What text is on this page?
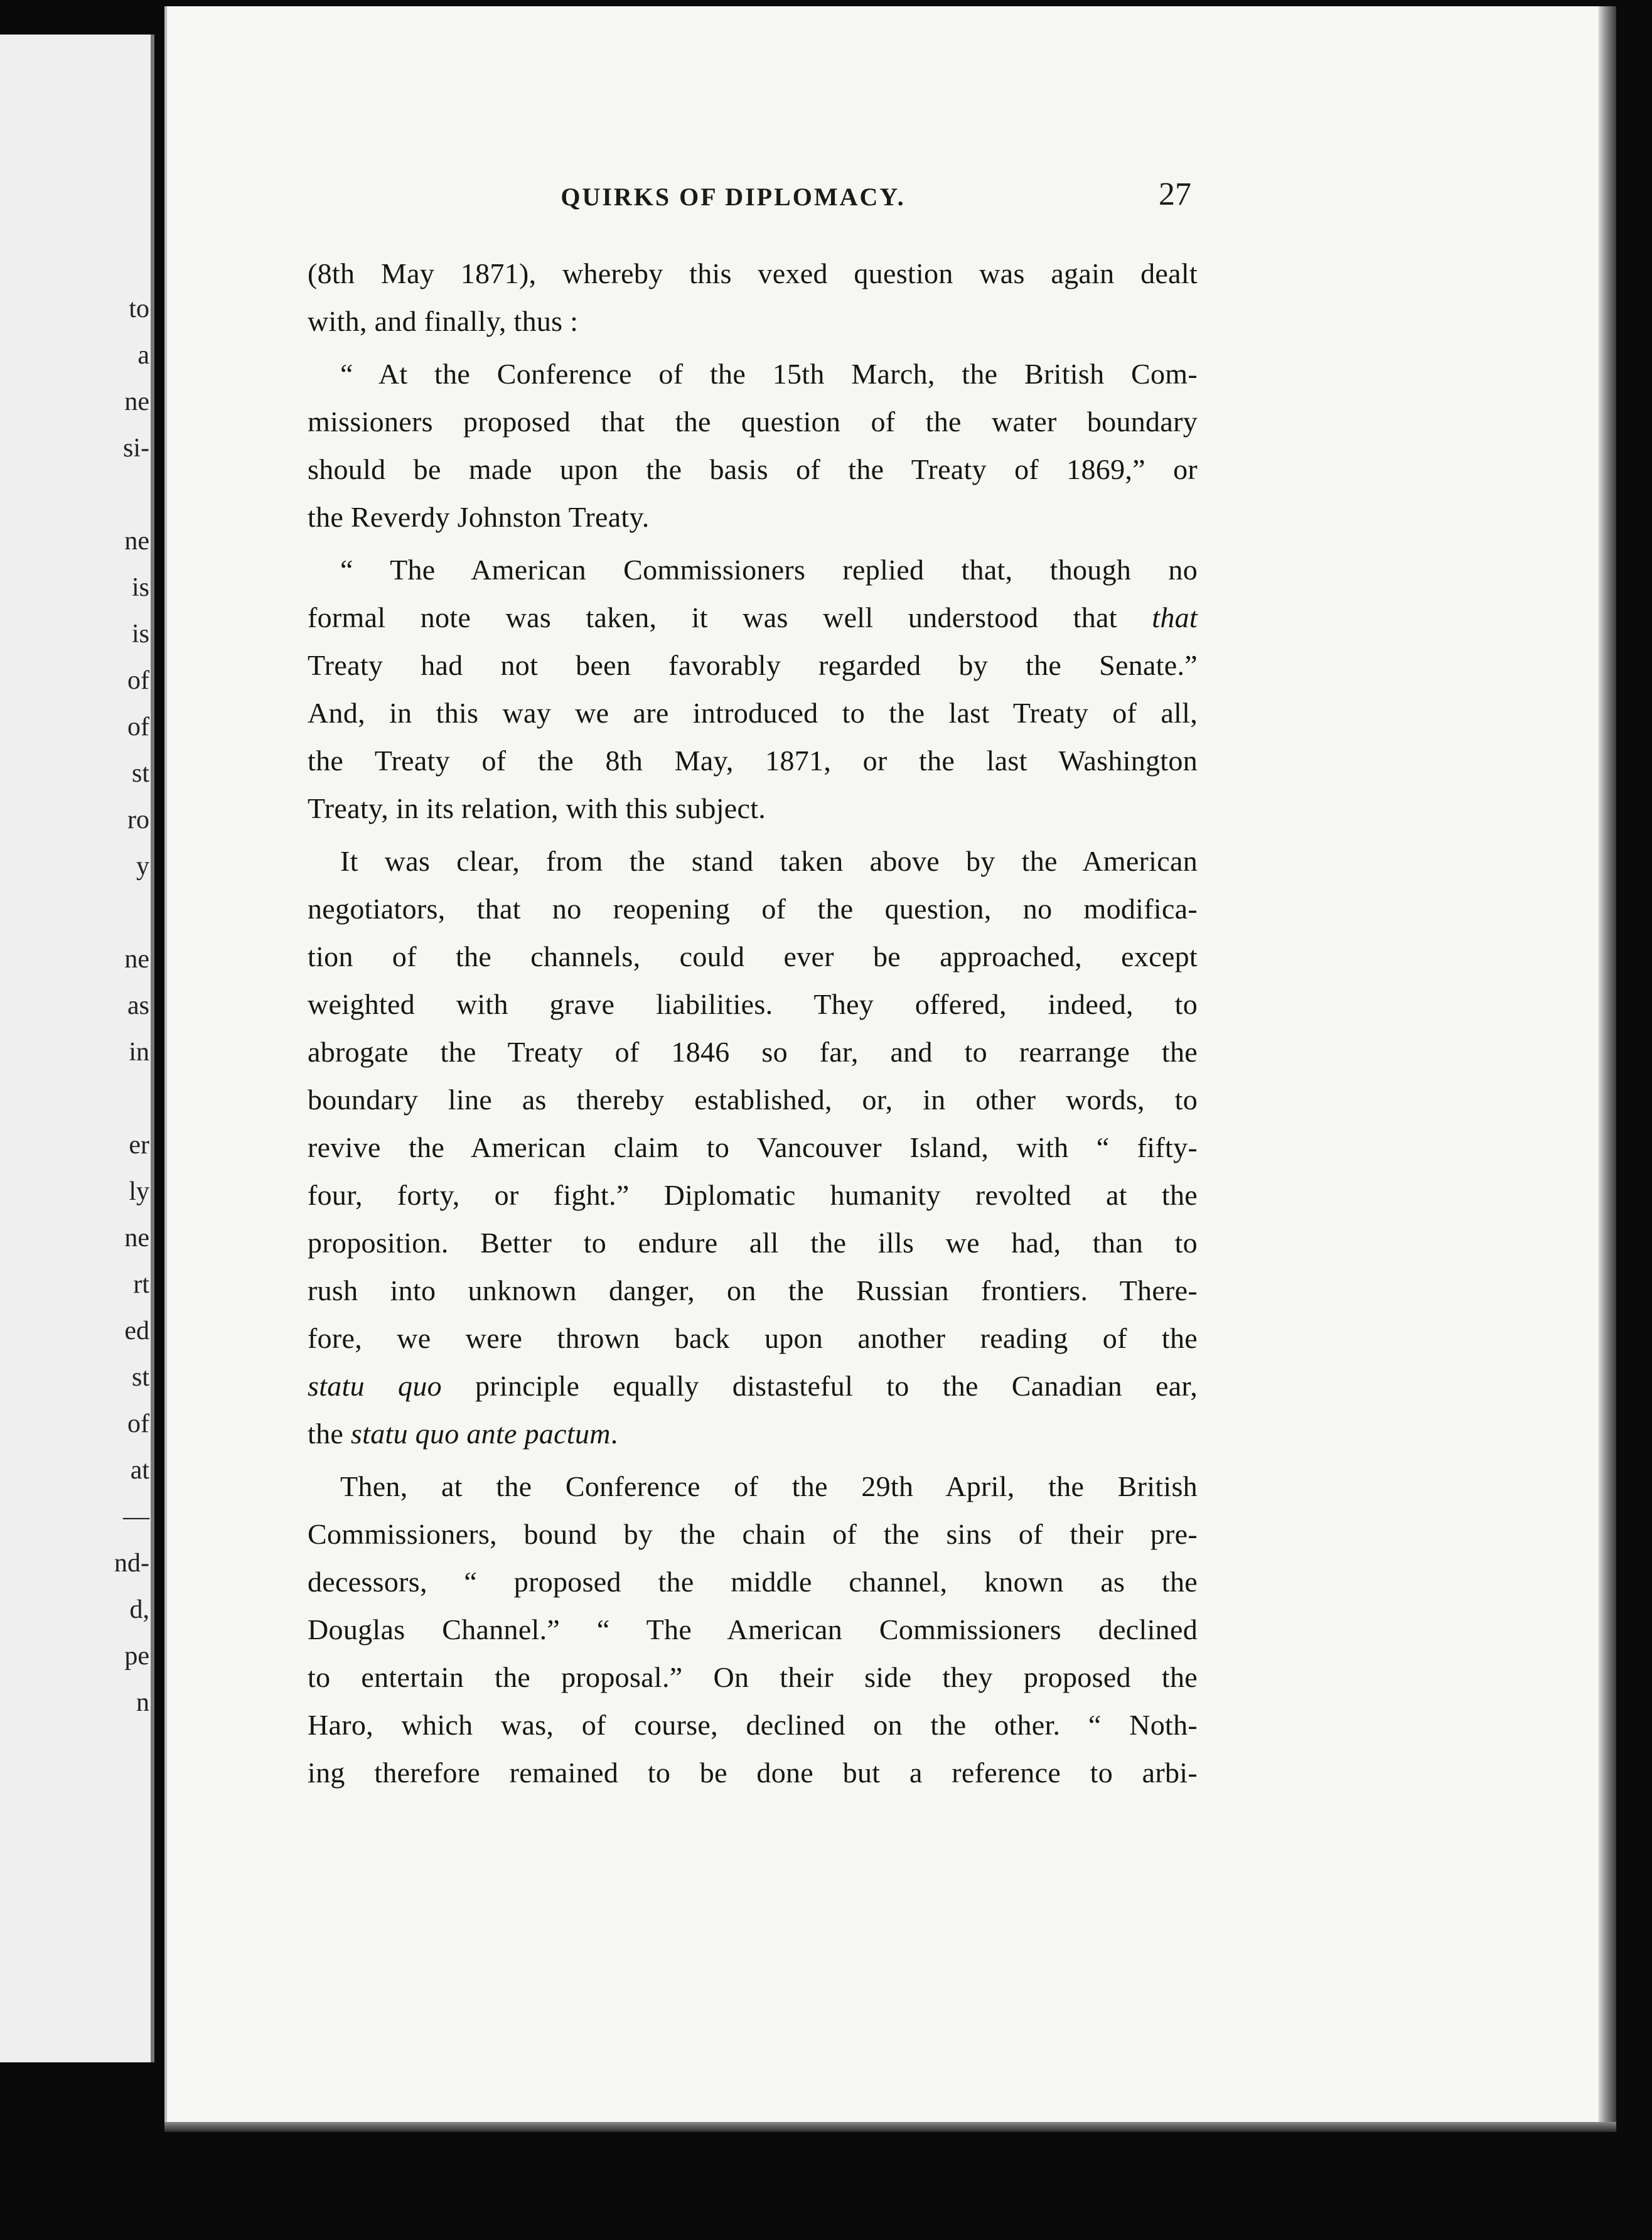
to
a
ne
si-
ne
is
is
of
of
st
ro
y
ne
as
in
er
ly
ne
rt
ed
st
of
at
—
nd-
d,
pe
n
QUIRKS OF DIPLOMACY.	27
(8th May 1871), whereby this vexed question was again dealt
with, and finally, thus :
“ At the Conference of the 15th March, the British Com-
missioners proposed that the question of the water boundary
should be made upon the basis of the Treaty of 1869,” or
the Reverdy Johnston Treaty.
“ The American Commissioners replied that, though no
formal note was taken, it was well understood that that
Treaty had not been favorably regarded by the Senate.”
And, in this way we are introduced to the last Treaty of all,
the Treaty of the 8th May, 1871, or the last Washington
Treaty, in its relation, with this subject.
It was clear, from the stand taken above by the American
negotiators, that no reopening of the question, no modifica-
tion of the channels, could ever be approached, except
weighted with grave liabilities. They offered, indeed, to
abrogate the Treaty of 1846 so far, and to rearrange the
boundary line as thereby established, or, in other words, to
revive the American claim to Vancouver Island, with “ fifty-
four, forty, or fight.” Diplomatic humanity revolted at the
proposition. Better to endure all the ills we had, than to
rush into unknown danger, on the Russian frontiers. There-
fore, we were thrown back upon another reading of the
statu quo principle equally distasteful to the Canadian ear,
the statu quo ante pactum.
Then, at the Conference of the 29th April, the British
Commissioners, bound by the chain of the sins of their pre-
decessors, “ proposed the middle channel, known as the
Douglas Channel.” “ The American Commissioners declined
to entertain the proposal.” On their side they proposed the
Haro, which was, of course, declined on the other. “ Noth-
ing therefore remained to be done but a reference to arbi-
